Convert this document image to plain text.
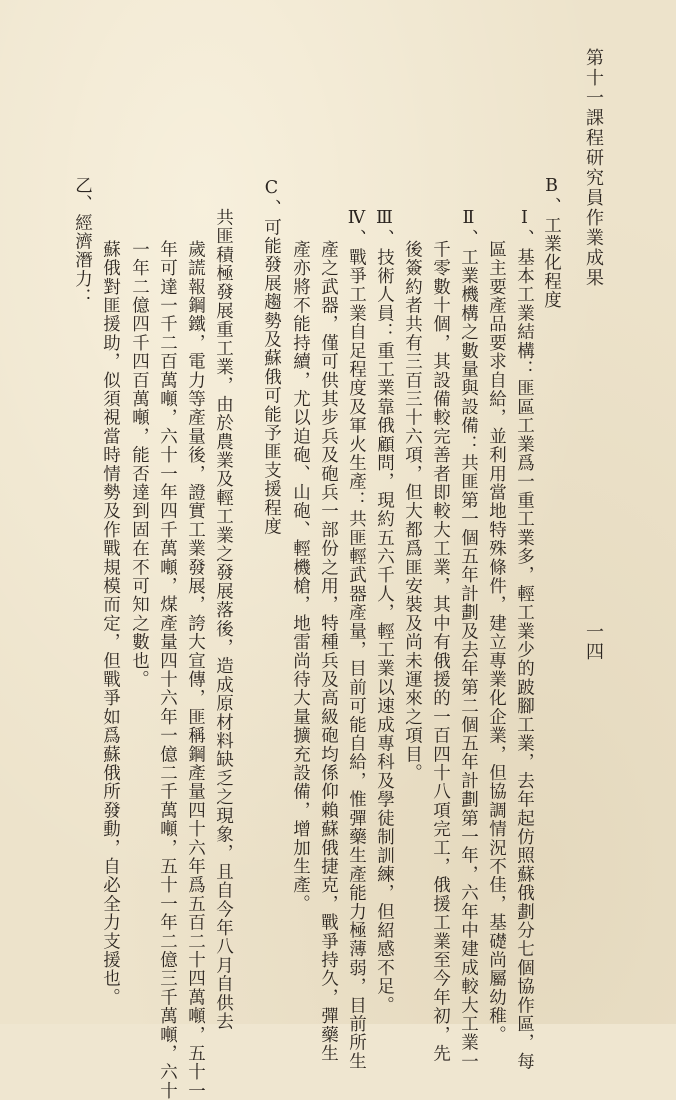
第十一課程研究員作業成果
一四
B、工業化程度
Ⅰ、基本工業結構：匪區工業爲一重工業多，輕工業少的跛腳工業，去年起仿照蘇俄劃分七個協作區，每
區主要產品要求自給，並利用當地特殊條件，建立專業化企業，但協調情況不佳，基礎尚屬幼稚。
Ⅱ、工業機構之數量與設備：共匪第一個五年計劃及去年第二個五年計劃第一年，六年中建成較大工業一
千零數十個，其設備較完善者即較大工業，其中有俄援的一百四十八項完工，俄援工業至今年初，先
後簽約者共有三百三十六項，但大都爲匪安裝及尚未運來之項目。
Ⅲ、技術人員：重工業靠俄顧問，現約五六千人，輕工業以速成專科及學徒制訓練，但紹感不足。
Ⅳ、戰爭工業自足程度及軍火生產：共匪輕武器產量，目前可能自給，惟彈藥生產能力極薄弱，目前所生
產之武器，僅可供其步兵及砲兵一部份之用，特種兵及高級砲均係仰賴蘇俄捷克，戰爭持久，彈藥生
產亦將不能持續，尤以迫砲、山砲、輕機槍，地雷尚待大量擴充設備，增加生產。
C、可能發展趨勢及蘇俄可能予匪支援程度
共匪積極發展重工業，由於農業及輕工業之發展落後，造成原材料缺乏之現象，且自今年八月自供去
歲謊報鋼鐵，電力等產量後，證實工業發展，誇大宣傳，匪稱鋼產量四十六年爲五百二十四萬噸，五十一
年可達一千二百萬噸，六十一年四千萬噸，煤產量四十六年一億二千萬噸，五十一年二億三千萬噸，六十
一年二億四千四百萬噸，能否達到固在不可知之數也。
乙、經濟潛力： 蘇俄對匪援助，似須視當時情勢及作戰規模而定，但戰爭如爲蘇俄所發動，自必全力支援也。
